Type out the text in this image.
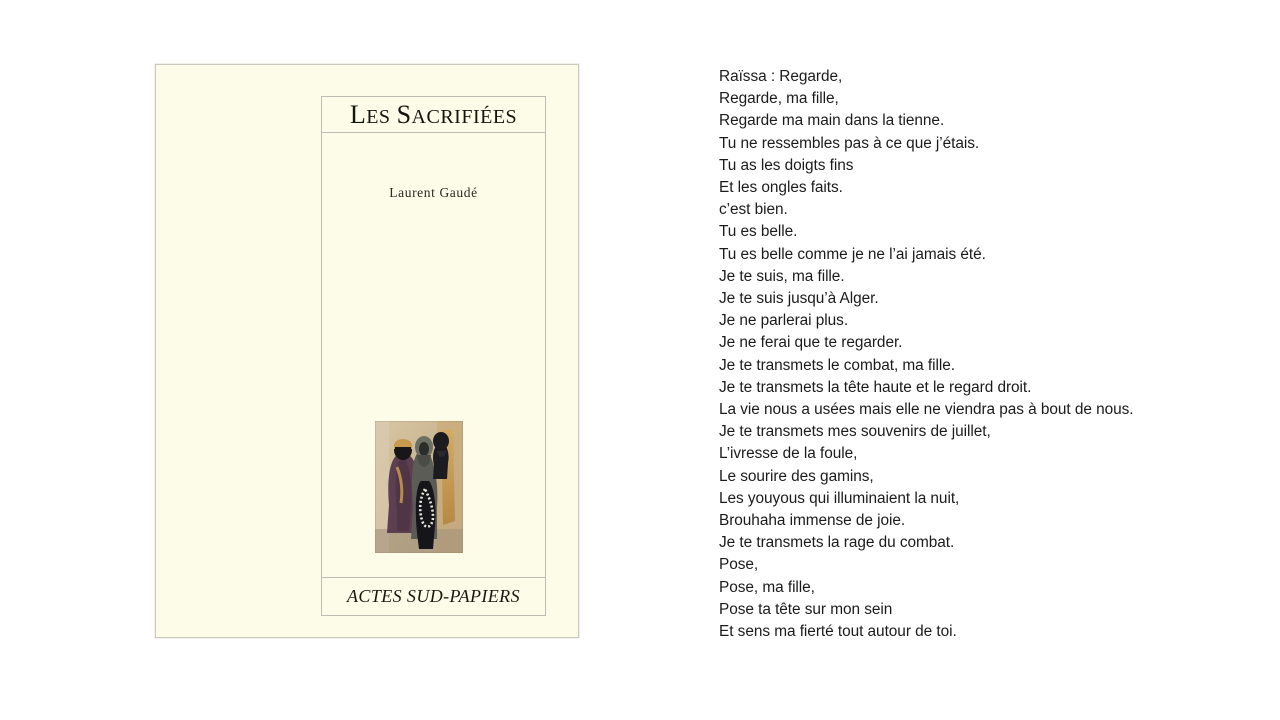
LES SACRIFIÉES
Laurent Gaudé
ACTES SUD-PAPIERS
Raïssa : Regarde,
Regarde, ma fille,
Regarde ma main dans la tienne.
Tu ne ressembles pas à ce que j’étais.
Tu as les doigts fins
Et les ongles faits.
c’est bien.
Tu es belle.
Tu es belle comme je ne l’ai jamais été.
Je te suis, ma fille.
Je te suis jusqu’à Alger.
Je ne parlerai plus.
Je ne ferai que te regarder.
Je te transmets le combat, ma fille.
Je te transmets la tête haute et le regard droit.
La vie nous a usées mais elle ne viendra pas à bout de nous.
Je te transmets mes souvenirs de juillet,
L’ivresse de la foule,
Le sourire des gamins,
Les youyous qui illuminaient la nuit,
Brouhaha immense de joie.
Je te transmets la rage du combat.
Pose,
Pose, ma fille,
Pose ta tête sur mon sein
Et sens ma fierté tout autour de toi.
